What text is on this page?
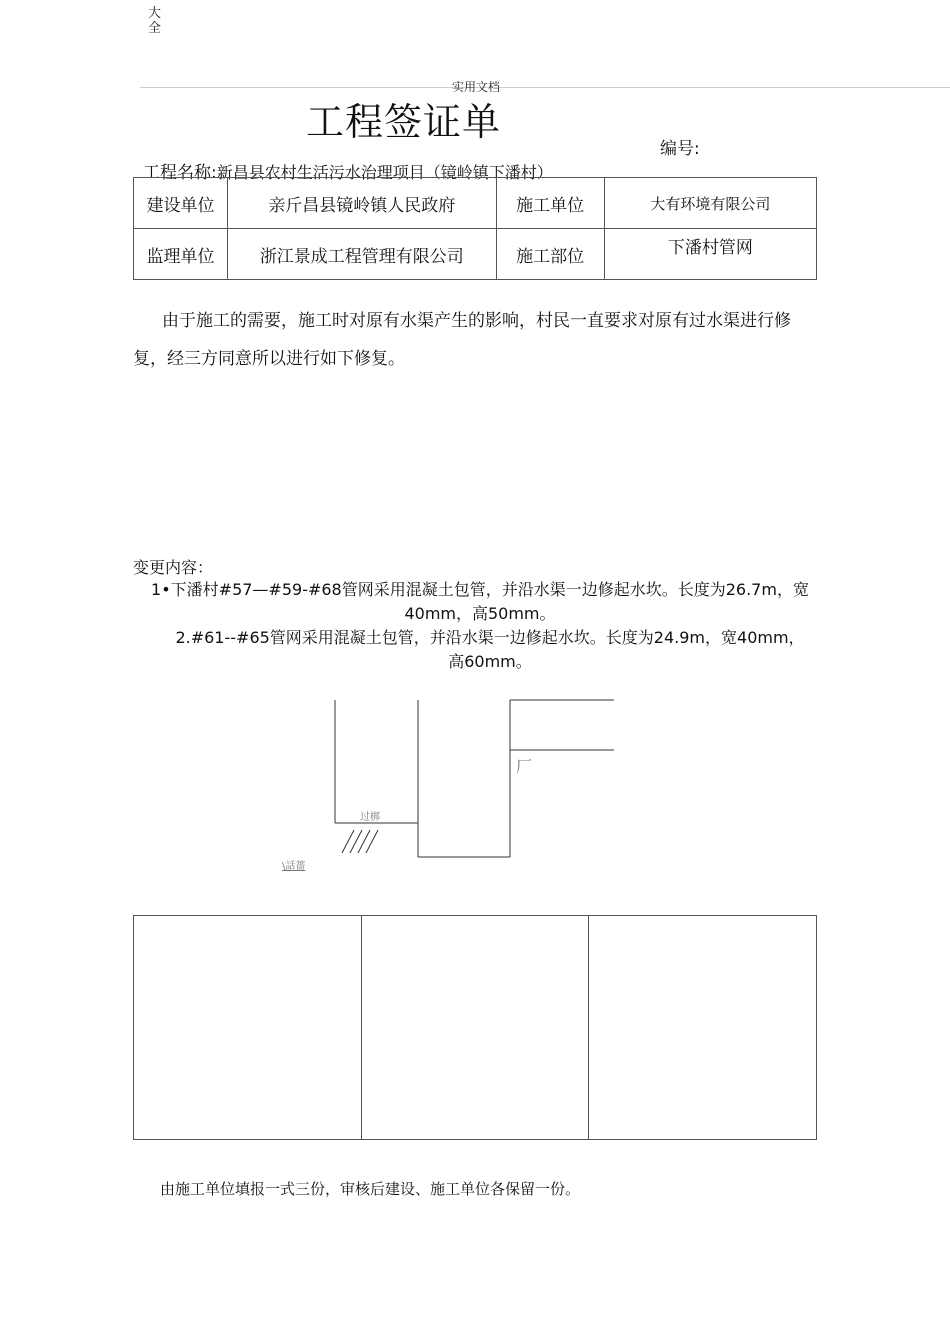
大全
实用文档
工程签证单
编号:
工程名称:新昌县农村生活污水治理项目（镜岭镇下潘村）
建设单位	亲斤昌县镜岭镇人民政府	施工单位	大有环境有限公司
监理单位	浙江景成工程管理有限公司	施工部位	下潘村管网
由于施工的需要，施工时对原有水渠产生的影响，村民一直要求对原有过水渠进行修复，经三方同意所以进行如下修复。
变更内容：
1•下潘村#57—#59-#68管网采用混凝土包管，并沿水渠一边修起水坎。长度为26.7m，宽40mm，高50mm。
2.#61--#65管网采用混凝土包管，并沿水渠一边修起水坎。长度为24.9m，宽40mm，高60mm。
过梆
\話薔
厂
由施工单位填报一式三份，审核后建设、施工单位各保留一份。
